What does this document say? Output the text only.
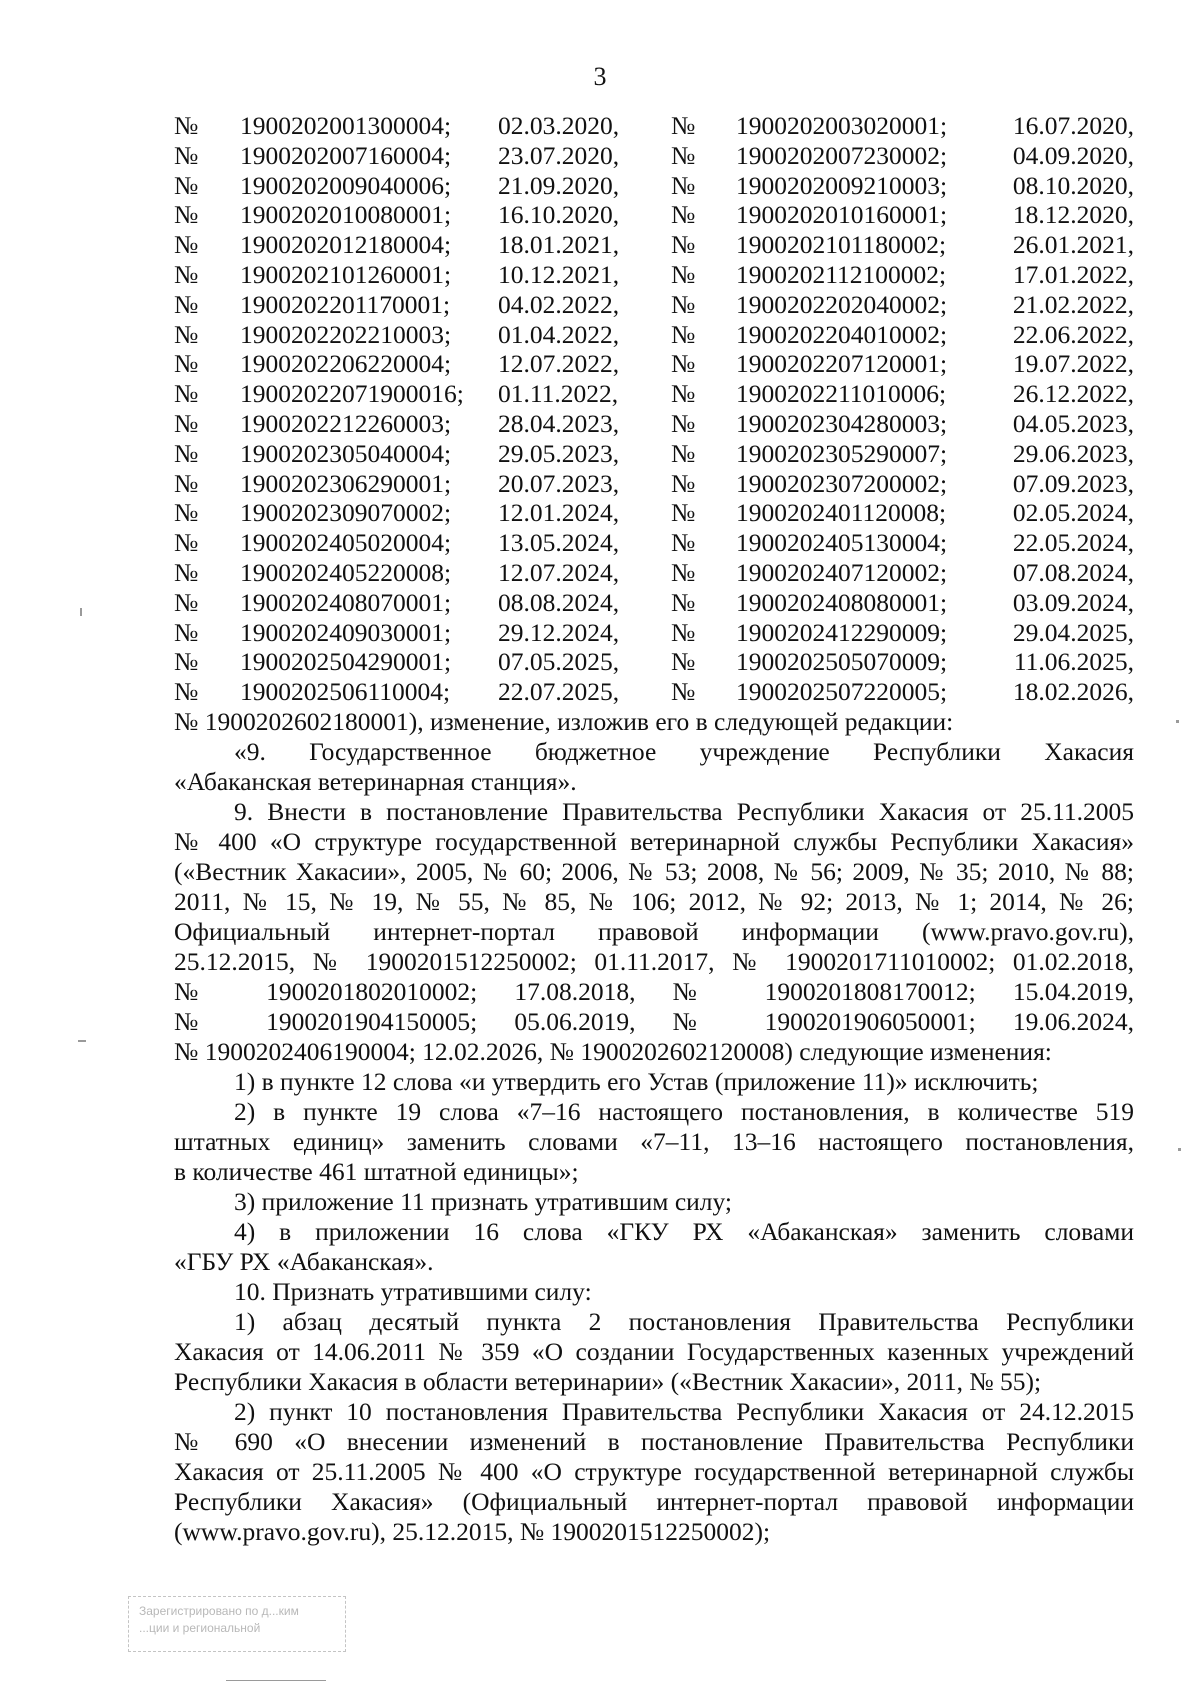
3
№ 1900202001300004; 02.03.2020, № 1900202003020001;	16.07.2020,
№ 1900202007160004; 23.07.2020, № 1900202007230002;	04.09.2020,
№ 1900202009040006; 21.09.2020, № 1900202009210003;	08.10.2020,
№ 1900202010080001; 16.10.2020, № 1900202010160001;	18.12.2020,
№ 1900202012180004; 18.01.2021, № 1900202101180002;	26.01.2021,
№ 1900202101260001; 10.12.2021, № 1900202112100002;	17.01.2022,
№ 1900202201170001; 04.02.2022, № 1900202202040002;	21.02.2022,
№ 1900202202210003; 01.04.2022, № 1900202204010002;	22.06.2022,
№ 1900202206220004; 12.07.2022, № 1900202207120001;	19.07.2022,
№ 19002022071900016; 01.11.2022, № 1900202211010006;	26.12.2022,
№ 1900202212260003; 28.04.2023, № 1900202304280003;	04.05.2023,
№ 1900202305040004; 29.05.2023, № 1900202305290007;	29.06.2023,
№ 1900202306290001; 20.07.2023, № 1900202307200002;	07.09.2023,
№ 1900202309070002; 12.01.2024, № 1900202401120008;	02.05.2024,
№ 1900202405020004; 13.05.2024, № 1900202405130004;	22.05.2024,
№ 1900202405220008; 12.07.2024, № 1900202407120002;	07.08.2024,
№ 1900202408070001; 08.08.2024, № 1900202408080001;	03.09.2024,
№ 1900202409030001; 29.12.2024, № 1900202412290009;	29.04.2025,
№ 1900202504290001; 07.05.2025, № 1900202505070009;	11.06.2025,
№ 1900202506110004; 22.07.2025, № 1900202507220005;	18.02.2026,

№ 1900202602180001), изменение, изложив его в следующей редакции:

«9. Государственное бюджетное учреждение Республики Хакасия

«Абаканская ветеринарная станция».

9. Внести в постановление Правительства Республики Хакасия от 25.11.2005

№ 400 «О структуре государственной ветеринарной службы Республики Хакасия»

(«Вестник Хакасии», 2005, № 60; 2006, № 53; 2008, № 56; 2009, № 35; 2010, № 88;

2011, № 15, № 19, № 55, № 85, № 106; 2012, № 92; 2013, № 1; 2014, № 26;

Официальный интернет-портал правовой информации (www.pravo.gov.ru),

25.12.2015, № 1900201512250002; 01.11.2017, № 1900201711010002; 01.02.2018,

№ 1900201802010002; 17.08.2018, № 1900201808170012; 15.04.2019,

№ 1900201904150005; 05.06.2019, № 1900201906050001; 19.06.2024,

№ 1900202406190004; 12.02.2026, № 1900202602120008) следующие изменения:

1) в пункте 12 слова «и утвердить его Устав (приложение 11)» исключить;

2) в пункте 19 слова «7–16 настоящего постановления, в количестве 519

штатных единиц» заменить словами «7–11, 13–16 настоящего постановления,

в количестве 461 штатной единицы»;

3) приложение 11 признать утратившим силу;

4) в приложении 16 слова «ГКУ РХ «Абаканская» заменить словами

«ГБУ РХ «Абаканская».

10. Признать утратившими силу:

1) абзац десятый пункта 2 постановления Правительства Республики

Хакасия от 14.06.2011 № 359 «О создании Государственных казенных учреждений

Республики Хакасия в области ветеринарии» («Вестник Хакасии», 2011, № 55);

2) пункт 10 постановления Правительства Республики Хакасия от 24.12.2015

№ 690 «О внесении изменений в постановление Правительства Республики

Хакасия от 25.11.2005 № 400 «О структуре государственной ветеринарной службы

Республики Хакасия» (Официальный интернет-портал правовой информации

(www.pravo.gov.ru), 25.12.2015, № 1900201512250002);

Зарегистрировано по д...ким
...ции и региональной
